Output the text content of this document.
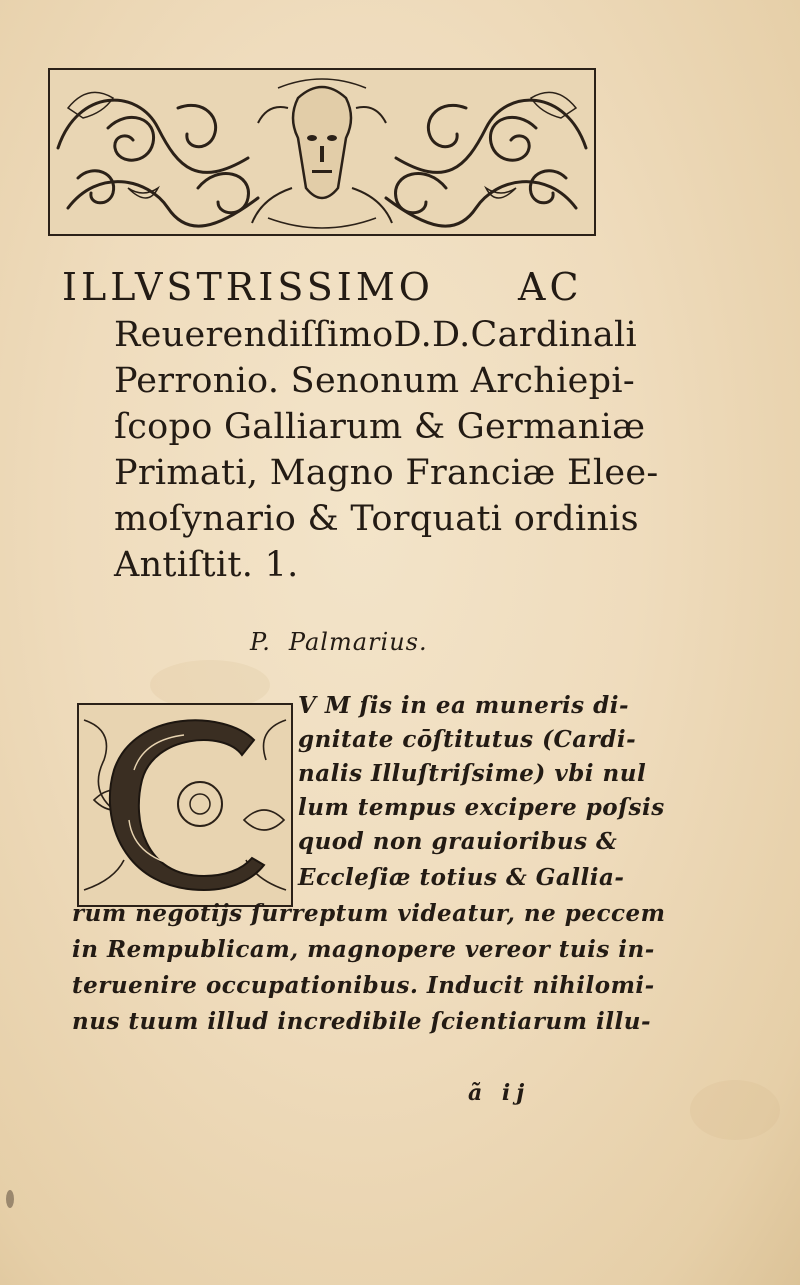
ILLVSTRISSIMO AC
ReuerendiſſimoD.D.Cardinali
Perronio. Senonum Archiepi-
ſcopo Galliarum & Germaniæ
Primati, Magno Franciæ Elee-
moſynario & Torquati ordinis
Antiſtit. 1.
P. Palmarius.
V M ſis in ea muneris di-
gnitate cōſtitutus (Cardi-
nalis Illuſtriſsime) vbi nul
lum tempus excipere poſsis
quod non grauioribus &
Eccleſiæ totius & Gallia-
rum negotijs ſurreptum videatur, ne peccem
in Rempublicam, magnopere vereor tuis in-
teruenire occupationibus. Inducit nihilomi-
nus tuum illud incredibile ſcientiarum illu-
ã ij
